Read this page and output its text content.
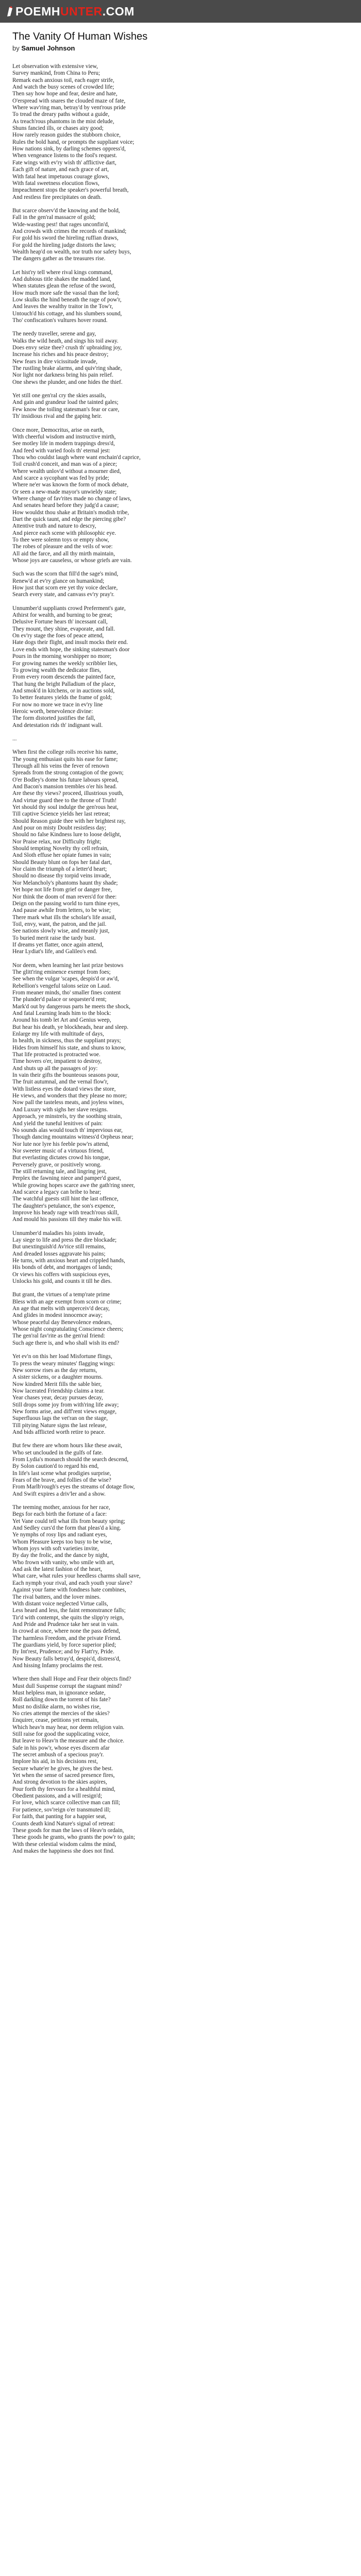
POEMH UNTER .COM
The Vanity Of Human Wishes
by Samuel Johnson
Let observation with extensive view,
Survey mankind, from China to Peru;
Remark each anxious toil, each eager strife,
And watch the busy scenes of crowded life;
Then say how hope and fear, desire and hate,
O'erspread with snares the clouded maze of fate,
Where wav'ring man, betray'd by vent'rous pride
To tread the dreary paths without a guide,
As treach'rous phantoms in the mist delude,
Shuns fancied ills, or chases airy good;
How rarely reason guides the stubborn choice,
Rules the bold hand, or prompts the suppliant voice;
How nations sink, by darling schemes oppress'd,
When vengeance listens to the fool's request.
Fate wings with ev'ry wish th' afflictive dart,
Each gift of nature, and each grace of art,
With fatal heat impetuous courage glows,
With fatal sweetness elocution flows,
Impeachment stops the speaker's powerful breath,
And restless fire precipitates on death.
But scarce observ'd the knowing and the bold,
Fall in the gen'ral massacre of gold;
Wide-wasting pest! that rages unconfin'd,
And crowds with crimes the records of mankind;
For gold his sword the hireling ruffian draws,
For gold the hireling judge distorts the laws;
Wealth heap'd on wealth, nor truth nor safety buys,
The dangers gather as the treasures rise.
Let hist'ry tell where rival kings command,
And dubious title shakes the madded land,
When statutes glean the refuse of the sword,
How much more safe the vassal than the lord;
Low skulks the hind beneath the rage of pow'r,
And leaves the wealthy traitor in the Tow'r,
Untouch'd his cottage, and his slumbers sound,
Tho' confiscation's vultures hover round.
The needy traveller, serene and gay,
Walks the wild heath, and sings his toil away.
Does envy seize thee? crush th' upbraiding joy,
Increase his riches and his peace destroy;
New fears in dire vicissitude invade,
The rustling brake alarms, and quiv'ring shade,
Nor light nor darkness bring his pain relief.
One shews the plunder, and one hides the thief.
Yet still one gen'ral cry the skies assails,
And gain and grandeur load the tainted gales;
Few know the toiling statesman's fear or care,
Th' insidious rival and the gaping heir.
Once more, Democritus, arise on earth,
With cheerful wisdom and instructive mirth,
See motley life in modern trappings dress'd,
And feed with varied fools th' eternal jest:
Thou who couldst laugh where want enchain'd caprice,
Toil crush'd conceit, and man was of a piece;
Where wealth unlov'd without a mourner died,
And scarce a sycophant was fed by pride;
Where ne'er was known the form of mock debate,
Or seen a new-made mayor's unwieldy state;
Where change of fav'rites made no change of laws,
And senates heard before they judg'd a cause;
How wouldst thou shake at Britain's modish tribe,
Dart the quick taunt, and edge the piercing gibe?
Attentive truth and nature to descry,
And pierce each scene with philosophic eye.
To thee were solemn toys or empty show,
The robes of pleasure and the veils of woe:
All aid the farce, and all thy mirth maintain,
Whose joys are causeless, or whose griefs are vain.
Such was the scorn that fill'd the sage's mind,
Renew'd at ev'ry glance on humankind;
How just that scorn ere yet thy voice declare,
Search every state, and canvass ev'ry pray'r.
Unnumber'd suppliants crowd Preferment's gate,
Athirst for wealth, and burning to be great;
Delusive Fortune hears th' incessant call,
They mount, they shine, evaporate, and fall.
On ev'ry stage the foes of peace attend,
Hate dogs their flight, and insult mocks their end.
Love ends with hope, the sinking statesman's door
Pours in the morning worshipper no more;
For growing names the weekly scribbler lies,
To growing wealth the dedicator flies,
From every room descends the painted face,
That hung the bright Palladium of the place,
And smok'd in kitchens, or in auctions sold,
To better features yields the frame of gold;
For now no more we trace in ev'ry line
Heroic worth, benevolence divine:
The form distorted justifies the fall,
And detestation rids th' indignant wall.
...
When first the college rolls receive his name,
The young enthusiast quits his ease for fame;
Through all his veins the fever of renown
Spreads from the strong contagion of the gown;
O'er Bodley's dome his future labours spread,
And Bacon's mansion trembles o'er his head.
Are these thy views? proceed, illustrious youth,
And virtue guard thee to the throne of Truth!
Yet should thy soul indulge the gen'rous heat,
Till captive Science yields her last retreat;
Should Reason guide thee with her brightest ray,
And pour on misty Doubt resistless day;
Should no false Kindness lure to loose delight,
Nor Praise relax, nor Difficulty fright;
Should tempting Novelty thy cell refrain,
And Sloth effuse her opiate fumes in vain;
Should Beauty blunt on fops her fatal dart,
Nor claim the triumph of a letter'd heart;
Should no disease thy torpid veins invade,
Nor Melancholy's phantoms haunt thy shade;
Yet hope not life from grief or danger free,
Nor think the doom of man revers'd for thee:
Deign on the passing world to turn thine eyes,
And pause awhile from letters, to be wise;
There mark what ills the scholar's life assail,
Toil, envy, want, the patron, and the jail.
See nations slowly wise, and meanly just,
To buried merit raise the tardy bust.
If dreams yet flatter, once again attend,
Hear Lydiat's life, and Galileo's end.
Nor deem, when learning her last prize bestows
The glitt'ring eminence exempt from foes;
See when the vulgar 'scapes, despis'd or aw'd,
Rebellion's vengeful talons seize on Laud.
From meaner minds, tho' smaller fines content
The plunder'd palace or sequester'd rent;
Mark'd out by dangerous parts he meets the shock,
And fatal Learning leads him to the block:
Around his tomb let Art and Genius weep,
But hear his death, ye blockheads, hear and sleep.
Enlarge my life with multitude of days,
In health, in sickness, thus the suppliant prays;
Hides from himself his state, and shuns to know,
That life protracted is protracted woe.
Time hovers o'er, impatient to destroy,
And shuts up all the passages of joy:
In vain their gifts the bounteous seasons pour,
The fruit autumnal, and the vernal flow'r,
With listless eyes the dotard views the store,
He views, and wonders that they please no more;
Now pall the tasteless meats, and joyless wines,
And Luxury with sighs her slave resigns.
Approach, ye minstrels, try the soothing strain,
And yield the tuneful lenitives of pain:
No sounds alas would touch th' impervious ear,
Though dancing mountains witness'd Orpheus near;
Nor lute nor lyre his feeble pow'rs attend,
Nor sweeter music of a virtuous friend,
But everlasting dictates crowd his tongue,
Perversely grave, or positively wrong.
The still returning tale, and lingring jest,
Perplex the fawning niece and pamper'd guest,
While growing hopes scarce awe the gath'ring sneer,
And scarce a legacy can bribe to hear;
The watchful guests still hint the last offence,
The daughter's petulance, the son's expence,
Improve his heady rage with treach'rous skill,
And mould his passions till they make his will.
Unnumber'd maladies his joints invade,
Lay siege to life and press the dire blockade;
But unextinguish'd Av'rice still remains,
And dreaded losses aggravate his pains;
He turns, with anxious heart and crippled hands,
His bonds of debt, and mortgages of lands;
Or views his coffers with suspicious eyes,
Unlocks his gold, and counts it till he dies.
But grant, the virtues of a temp'rate prime
Bless with an age exempt from scorn or crime;
An age that melts with unperceiv'd decay,
And glides in modest innocence away;
Whose peaceful day Benevolence endears,
Whose night congratulating Conscience cheers;
The gen'ral fav'rite as the gen'ral friend:
Such age there is, and who shall wish its end?
Yet ev'n on this her load Misfortune flings,
To press the weary minutes' flagging wings:
New sorrow rises as the day returns,
A sister sickens, or a daughter mourns.
Now kindred Merit fills the sable bier,
Now lacerated Friendship claims a tear.
Year chases year, decay pursues decay,
Still drops some joy from with'ring life away;
New forms arise, and diff'rent views engage,
Superfluous lags the vet'ran on the stage,
Till pitying Nature signs the last release,
And bids afflicted worth retire to peace.
But few there are whom hours like these await,
Who set unclouded in the gulfs of fate.
From Lydia's monarch should the search descend,
By Solon caution'd to regard his end,
In life's last scene what prodigies surprise,
Fears of the brave, and follies of the wise?
From Marlb'rough's eyes the streams of dotage flow,
And Swift expires a driv'ler and a show.
The teeming mother, anxious for her race,
Begs for each birth the fortune of a face:
Yet Vane could tell what ills from beauty spring;
And Sedley curs'd the form that pleas'd a king.
Ye nymphs of rosy lips and radiant eyes,
Whom Pleasure keeps too busy to be wise,
Whom joys with soft varieties invite,
By day the frolic, and the dance by night,
Who frown with vanity, who smile with art,
And ask the latest fashion of the heart,
What care, what rules your heedless charms shall save,
Each nymph your rival, and each youth your slave?
Against your fame with fondness hate combines,
The rival batters, and the lover mines.
With distant voice neglected Virtue calls,
Less heard and less, the faint remonstrance falls;
Tir'd with contempt, she quits the slipp'ry reign,
And Pride and Prudence take her seat in vain.
In crowd at once, where none the pass defend,
The harmless Freedom, and the private Friend.
The guardians yield, by force superior plied;
By Int'rest, Prudence; and by Flatt'ry, Pride.
Now Beauty falls betray'd, despis'd, distress'd,
And hissing Infamy proclaims the rest.
Where then shall Hope and Fear their objects find?
Must dull Suspense corrupt the stagnant mind?
Must helpless man, in ignorance sedate,
Roll darkling down the torrent of his fate?
Must no dislike alarm, no wishes rise,
No cries attempt the mercies of the skies?
Enquirer, cease, petitions yet remain,
Which heav'n may hear, nor deem religion vain.
Still raise for good the supplicating voice,
But leave to Heav'n the measure and the choice.
Safe in his pow'r, whose eyes discern afar
The secret ambush of a specious pray'r.
Implore his aid, in his decisions rest,
Secure whate'er he gives, he gives the best.
Yet when the sense of sacred presence fires,
And strong devotion to the skies aspires,
Pour forth thy fervours for a healthful mind,
Obedient passions, and a will resign'd;
For love, which scarce collective man can fill;
For patience, sov'reign o'er transmuted ill;
For faith, that panting for a happier seat,
Counts death kind Nature's signal of retreat:
These goods for man the laws of Heav'n ordain,
These goods he grants, who grants the pow'r to gain;
With these celestial wisdom calms the mind,
And makes the happiness she does not find.
